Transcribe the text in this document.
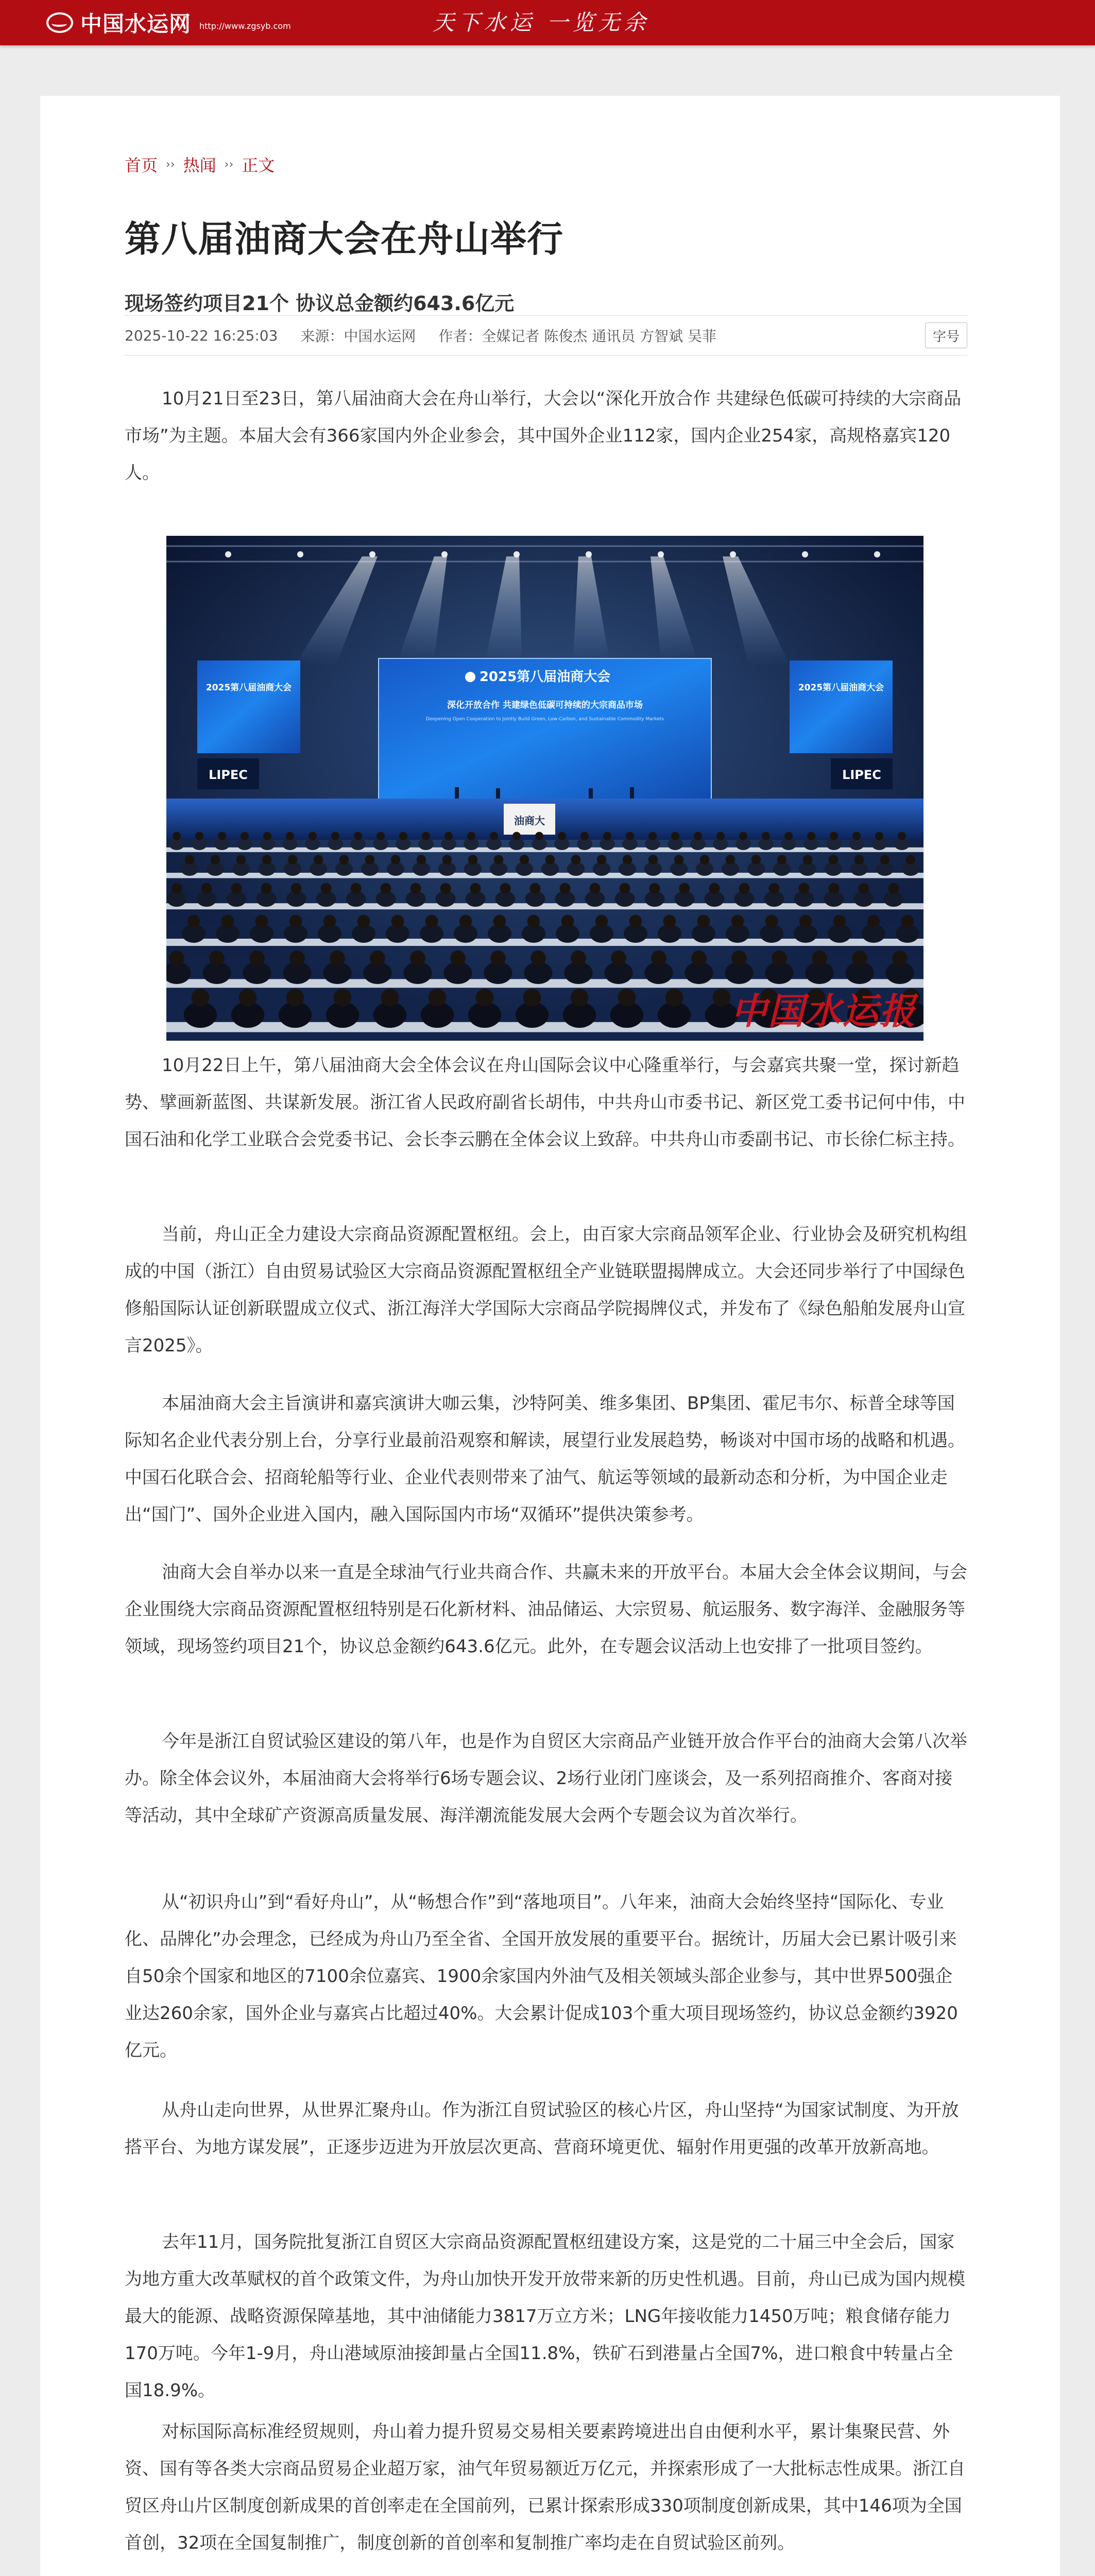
中国水运网 http://www.zgsyb.com	天下水运 一览无余
首页 ›› 热闻 ›› 正文
第八届油商大会在舟山举行
现场签约项目21个 协议总金额约643.6亿元
2025-10-22 16:25:03 来源：中国水运网 作者：全媒记者 陈俊杰 通讯员 方智斌 吴菲	字号

10月21日至23日，第八届油商大会在舟山举行，大会以“深化开放合作 共建绿色低碳可持续的大宗商品市场”为主题。本届大会有366家国内外企业参会，其中国外企业112家，国内企业254家，高规格嘉宾120人。

2025第八届油商大会
深化开放合作 共建绿色低碳可持续的大宗商品市场
Deepening Open Cooperation to Jointly Build Green, Low-Carbon, and Sustainable Commodity Markets
2025第八届油商大会	2025第八届油商大会
LIPEC	LIPEC
油商大
中国水运报

10月22日上午，第八届油商大会全体会议在舟山国际会议中心隆重举行，与会嘉宾共聚一堂，探讨新趋势、擘画新蓝图、共谋新发展。浙江省人民政府副省长胡伟，中共舟山市委书记、新区党工委书记何中伟，中国石油和化学工业联合会党委书记、会长李云鹏在全体会议上致辞。中共舟山市委副书记、市长徐仁标主持。

当前，舟山正全力建设大宗商品资源配置枢纽。会上，由百家大宗商品领军企业、行业协会及研究机构组成的中国（浙江）自由贸易试验区大宗商品资源配置枢纽全产业链联盟揭牌成立。大会还同步举行了中国绿色修船国际认证创新联盟成立仪式、浙江海洋大学国际大宗商品学院揭牌仪式，并发布了《绿色船舶发展舟山宣言2025》。

本届油商大会主旨演讲和嘉宾演讲大咖云集，沙特阿美、维多集团、BP集团、霍尼韦尔、标普全球等国际知名企业代表分别上台，分享行业最前沿观察和解读，展望行业发展趋势，畅谈对中国市场的战略和机遇。中国石化联合会、招商轮船等行业、企业代表则带来了油气、航运等领域的最新动态和分析，为中国企业走出“国门”、国外企业进入国内，融入国际国内市场“双循环”提供决策参考。

油商大会自举办以来一直是全球油气行业共商合作、共赢未来的开放平台。本届大会全体会议期间，与会企业围绕大宗商品资源配置枢纽特别是石化新材料、油品储运、大宗贸易、航运服务、数字海洋、金融服务等领域，现场签约项目21个，协议总金额约643.6亿元。此外，在专题会议活动上也安排了一批项目签约。

今年是浙江自贸试验区建设的第八年，也是作为自贸区大宗商品产业链开放合作平台的油商大会第八次举办。除全体会议外，本届油商大会将举行6场专题会议、2场行业闭门座谈会，及一系列招商推介、客商对接等活动，其中全球矿产资源高质量发展、海洋潮流能发展大会两个专题会议为首次举行。

从“初识舟山”到“看好舟山”，从“畅想合作”到“落地项目”。八年来，油商大会始终坚持“国际化、专业化、品牌化”办会理念，已经成为舟山乃至全省、全国开放发展的重要平台。据统计，历届大会已累计吸引来自50余个国家和地区的7100余位嘉宾、1900余家国内外油气及相关领域头部企业参与，其中世界500强企业达260余家，国外企业与嘉宾占比超过40%。大会累计促成103个重大项目现场签约，协议总金额约3920亿元。

从舟山走向世界，从世界汇聚舟山。作为浙江自贸试验区的核心片区，舟山坚持“为国家试制度、为开放搭平台、为地方谋发展”，正逐步迈进为开放层次更高、营商环境更优、辐射作用更强的改革开放新高地。

去年11月，国务院批复浙江自贸区大宗商品资源配置枢纽建设方案，这是党的二十届三中全会后，国家为地方重大改革赋权的首个政策文件，为舟山加快开发开放带来新的历史性机遇。目前，舟山已成为国内规模最大的能源、战略资源保障基地，其中油储能力3817万立方米；LNG年接收能力1450万吨；粮食储存能力170万吨。今年1-9月，舟山港域原油接卸量占全国11.8%，铁矿石到港量占全国7%，进口粮食中转量占全国18.9%。

对标国际高标准经贸规则，舟山着力提升贸易交易相关要素跨境进出自由便利水平，累计集聚民营、外资、国有等各类大宗商品贸易企业超万家，油气年贸易额近万亿元，并探索形成了一大批标志性成果。浙江自贸区舟山片区制度创新成果的首创率走在全国前列，已累计探索形成330项制度创新成果，其中146项为全国首创，32项在全国复制推广，制度创新的首创率和复制推广率均走在自贸试验区前列。
